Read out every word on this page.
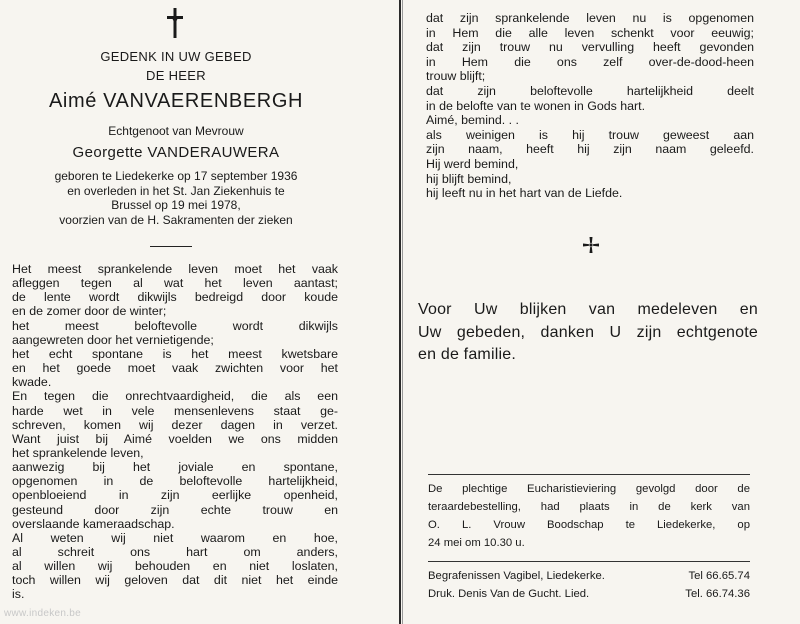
GEDENK IN UW GEBED
DE HEER
Aimé VANVAERENBERGH
Echtgenoot van Mevrouw
Georgette VANDERAUWERA
geboren te Liedekerke op 17 september 1936
en overleden in het St. Jan Ziekenhuis te
Brussel op 19 mei 1978,
voorzien van de H. Sakramenten der zieken
Het meest sprankelende leven moet het vaak
afleggen tegen al wat het leven aantast;
de lente wordt dikwijls bedreigd door koude
en de zomer door de winter;
het meest beloftevolle wordt dikwijls
aangewreten door het vernietigende;
het echt spontane is het meest kwetsbare
en het goede moet vaak zwichten voor het
kwade.
En tegen die onrechtvaardigheid, die als een
harde wet in vele mensenlevens staat ge-
schreven, komen wij dezer dagen in verzet.
Want juist bij Aimé voelden we ons midden
het sprankelende leven,
aanwezig bij het joviale en spontane,
opgenomen in de beloftevolle hartelijkheid,
openbloeiend in zijn eerlijke openheid,
gesteund door zijn echte trouw en
overslaande kameraadschap.
Al weten wij niet waarom en hoe,
al schreit ons hart om anders,
al willen wij behouden en niet loslaten,
toch willen wij geloven dat dit niet het einde
is.
dat zijn sprankelende leven nu is opgenomen
in Hem die alle leven schenkt voor eeuwig;
dat zijn trouw nu vervulling heeft gevonden
in Hem die ons zelf over-de-dood-heen
trouw blijft;
dat zijn beloftevolle hartelijkheid deelt
in de belofte van te wonen in Gods hart.
Aimé, bemind. . .
als weinigen is hij trouw geweest aan
zijn naam, heeft hij zijn naam geleefd.
Hij werd bemind,
hij blijft bemind,
hij leeft nu in het hart van de Liefde.
Voor Uw blijken van medeleven en
Uw gebeden, danken U zijn echtgenote
en de familie.
De plechtige Eucharistieviering gevolgd door de
teraardebestelling, had plaats in de kerk van
O. L. Vrouw Boodschap te Liedekerke, op
24 mei om 10.30 u.
Begrafenissen Vagibel, Liedekerke.	Tel 66.65.74
Druk. Denis Van de Gucht. Lied.	Tel. 66.74.36
www.indeken.be
